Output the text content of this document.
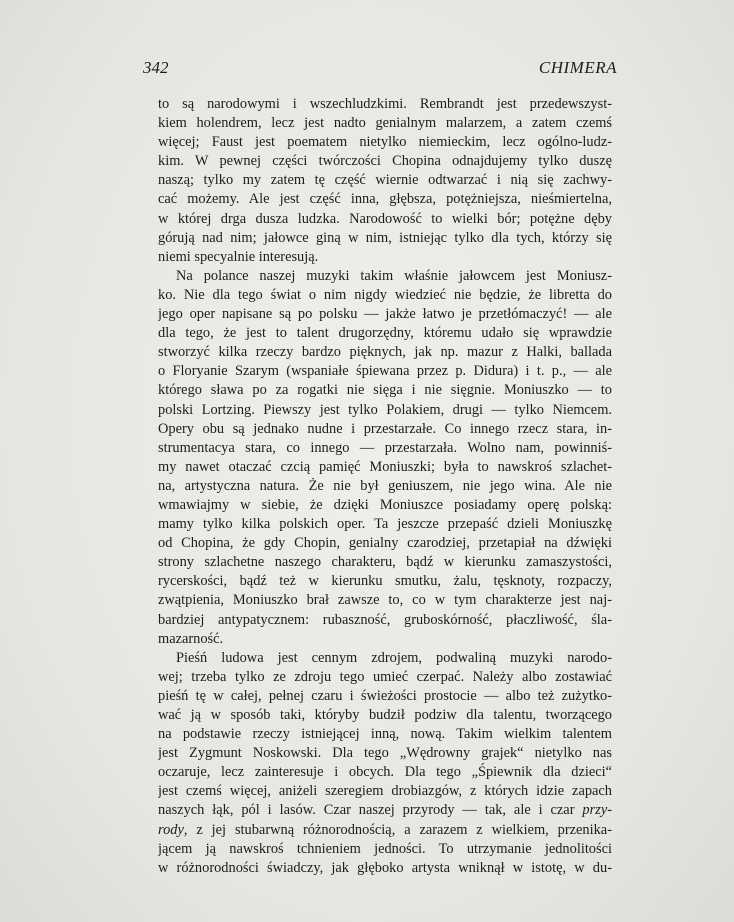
342	CHIMERA
to są narodowymi i wszechludzkimi. Rembrandt jest przedewszyst-
kiem holendrem, lecz jest nadto genialnym malarzem, a zatem czemś
więcej; Faust jest poematem nietylko niemieckim, lecz ogólno-ludz-
kim. W pewnej części twórczości Chopina odnajdujemy tylko duszę
naszą; tylko my zatem tę część wiernie odtwarzać i nią się zachwy-
cać możemy. Ale jest część inna, głębsza, potężniejsza, nieśmiertelna,
w której drga dusza ludzka. Narodowość to wielki bór; potężne dęby
górują nad nim; jałowce giną w nim, istniejąc tylko dla tych, którzy się
niemi specyalnie interesują.
Na polance naszej muzyki takim właśnie jałowcem jest Moniusz-
ko. Nie dla tego świat o nim nigdy wiedzieć nie będzie, że libretta do
jego oper napisane są po polsku — jakże łatwo je przetłómaczyć! — ale
dla tego, że jest to talent drugorzędny, któremu udało się wprawdzie
stworzyć kilka rzeczy bardzo pięknych, jak np. mazur z Halki, ballada
o Floryanie Szarym (wspaniałe śpiewana przez p. Didura) i t. p., — ale
którego sława po za rogatki nie sięga i nie sięgnie. Moniuszko — to
polski Lortzing. Piewszy jest tylko Polakiem, drugi — tylko Niemcem.
Opery obu są jednako nudne i przestarzałe. Co innego rzecz stara, in-
strumentacya stara, co innego — przestarzała. Wolno nam, powinniś-
my nawet otaczać czcią pamięć Moniuszki; była to nawskroś szlachet-
na, artystyczna natura. Że nie był geniuszem, nie jego wina. Ale nie
wmawiajmy w siebie, że dzięki Moniuszce posiadamy operę polską:
mamy tylko kilka polskich oper. Ta jeszcze przepaść dzieli Moniuszkę
od Chopina, że gdy Chopin, genialny czarodziej, przetapiał na dźwięki
strony szlachetne naszego charakteru, bądź w kierunku zamaszystości,
rycerskości, bądź też w kierunku smutku, żalu, tęsknoty, rozpaczy,
zwątpienia, Moniuszko brał zawsze to, co w tym charakterze jest naj-
bardziej antypatycznem: rubaszność, gruboskórność, płaczliwość, śla-
mazarność.
Pieśń ludowa jest cennym zdrojem, podwaliną muzyki narodo-
wej; trzeba tylko ze zdroju tego umieć czerpać. Należy albo zostawiać
pieśń tę w całej, pełnej czaru i świeżości prostocie — albo też zużytko-
wać ją w sposób taki, któryby budził podziw dla talentu, tworzącego
na podstawie rzeczy istniejącej inną, nową. Takim wielkim talentem
jest Zygmunt Noskowski. Dla tego „Wędrowny grajek“ nietylko nas
oczaruje, lecz zainteresuje i obcych. Dla tego „Śpiewnik dla dzieci“
jest czemś więcej, aniżeli szeregiem drobiazgów, z których idzie zapach
naszych łąk, pól i lasów. Czar naszej przyrody — tak, ale i czar przy-
rody, z jej stubarwną różnorodnością, a zarazem z wielkiem, przenika-
jącem ją nawskroś tchnieniem jedności. To utrzymanie jednolitości
w różnorodności świadczy, jak głęboko artysta wniknął w istotę, w du-
